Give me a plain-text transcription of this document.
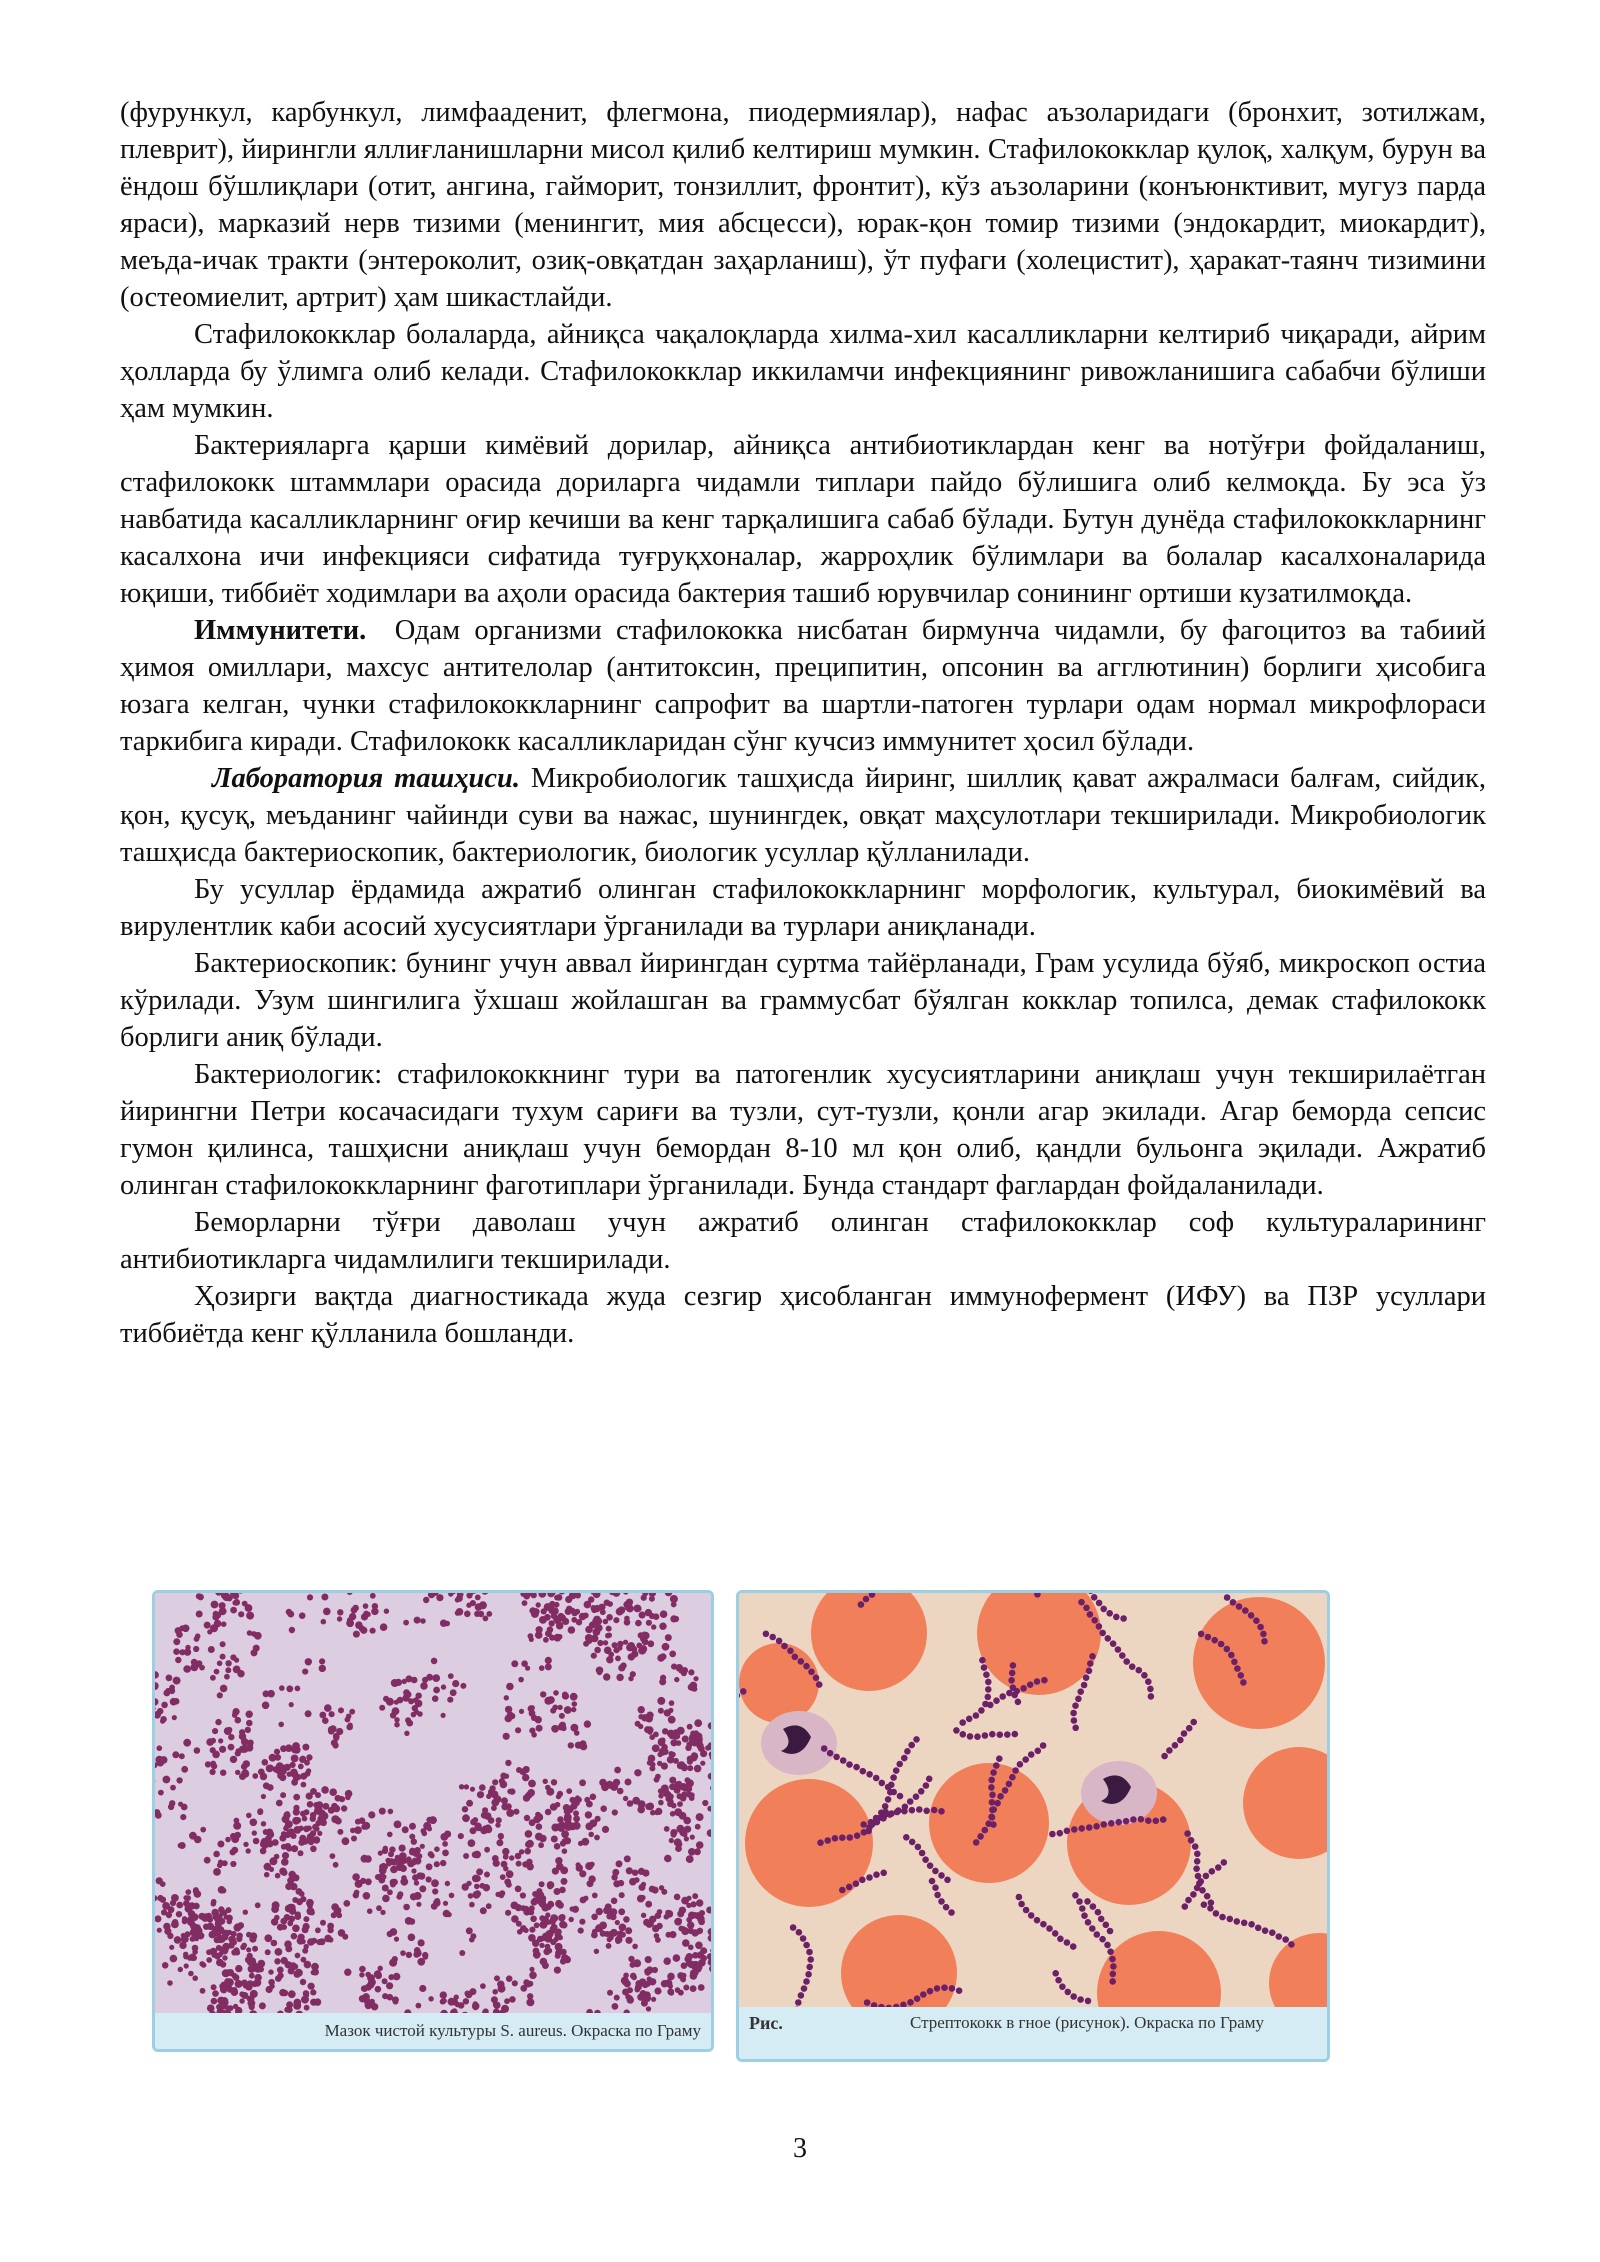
(фурункул, карбункул, лимфааденит, флегмона, пиодермиялар), нафас аъзоларидаги (бронхит, зотилжам, плеврит), йирингли яллиғланишларни мисол қилиб келтириш мумкин. Стафилококклар қулоқ, халқум, бурун ва ёндош бўшлиқлари (отит, ангина, гайморит, тонзиллит, фронтит), кўз аъзоларини (конъюнктивит, мугуз парда яраси), марказий нерв тизими (менингит, мия абсцесси), юрак-қон томир тизими (эндокардит, миокардит), меъда-ичак тракти (энтероколит, озиқ-овқатдан заҳарланиш), ўт пуфаги (холецистит), ҳаракат-таянч тизимини (остеомиелит, артрит) ҳам шикастлайди.

Стафилококклар болаларда, айниқса чақалоқларда хилма-хил касалликларни келтириб чиқаради, айрим ҳолларда бу ўлимга олиб келади. Стафилококклар иккиламчи инфекциянинг ривожланишига сабабчи бўлиши ҳам мумкин.

Бактерияларга қарши кимёвий дорилар, айниқса антибиотиклардан кенг ва нотўғри фойдаланиш, стафилококк штаммлари орасида дориларга чидамли типлари пайдо бўлишига олиб келмоқда. Бу эса ўз навбатида касалликларнинг оғир кечиши ва кенг тарқалишига сабаб бўлади. Бутун дунёда стафилококкларнинг касалхона ичи инфекцияси сифатида туғруқхоналар, жарроҳлик бўлимлари ва болалар касалхоналарида юқиши, тиббиёт ходимлари ва аҳоли орасида бактерия ташиб юрувчилар сонининг ортиши кузатилмоқда.

Иммунитети. Одам организми стафилококка нисбатан бирмунча чидамли, бу фагоцитоз ва табиий ҳимоя омиллари, махсус антителолар (антитоксин, преципитин, опсонин ва агглютинин) борлиги ҳисобига юзага келган, чунки стафилококкларнинг сапрофит ва шартли-патоген турлари одам нормал микрофлораси таркибига киради. Стафилококк касалликларидан сўнг кучсиз иммунитет ҳосил бўлади.

Лаборатория ташҳиси. Микробиологик ташҳисда йиринг, шиллиқ қават ажралмаси балғам, сийдик, қон, қусуқ, меъданинг чайинди суви ва нажас, шунингдек, овқат маҳсулотлари текширилади. Микробиологик ташҳисда бактериоскопик, бактериологик, биологик усуллар қўлланилади.

Бу усуллар ёрдамида ажратиб олинган стафилококкларнинг морфологик, культурал, биокимёвий ва вирулентлик каби асосий хусусиятлари ўрганилади ва турлари аниқланади.

Бактериоскопик: бунинг учун аввал йирингдан суртма тайёрланади, Грам усулида бўяб, микроскоп остиа кўрилади. Узум шингилига ўхшаш жойлашган ва граммусбат бўялган кокклар топилса, демак стафилококк борлиги аниқ бўлади.

Бактериологик: стафилококкнинг тури ва патогенлик хусусиятларини аниқлаш учун текширилаётган йирингни Петри косачасидаги тухум сариғи ва тузли, сут-тузли, қонли агар экилади. Агар беморда сепсис гумон қилинса, ташҳисни аниқлаш учун бемордан 8-10 мл қон олиб, қандли бульонга эқилади. Ажратиб олинган стафилококкларнинг фаготиплари ўрганилади. Бунда стандарт фаглардан фойдаланилади.

Беморларни тўғри даволаш учун ажратиб олинган стафилококклар соф культураларининг антибиотикларга чидамлилиги текширилади.

Ҳозирги вақтда диагностикада жуда сезгир ҳисобланган иммунофермент (ИФУ) ва ПЗР усуллари тиббиётда кенг қўлланила бошланди.

Мазок чистой культуры S. aureus. Окраска по Граму	Рис.	Стрептококк в гное (рисунок). Окраска по Граму
3
